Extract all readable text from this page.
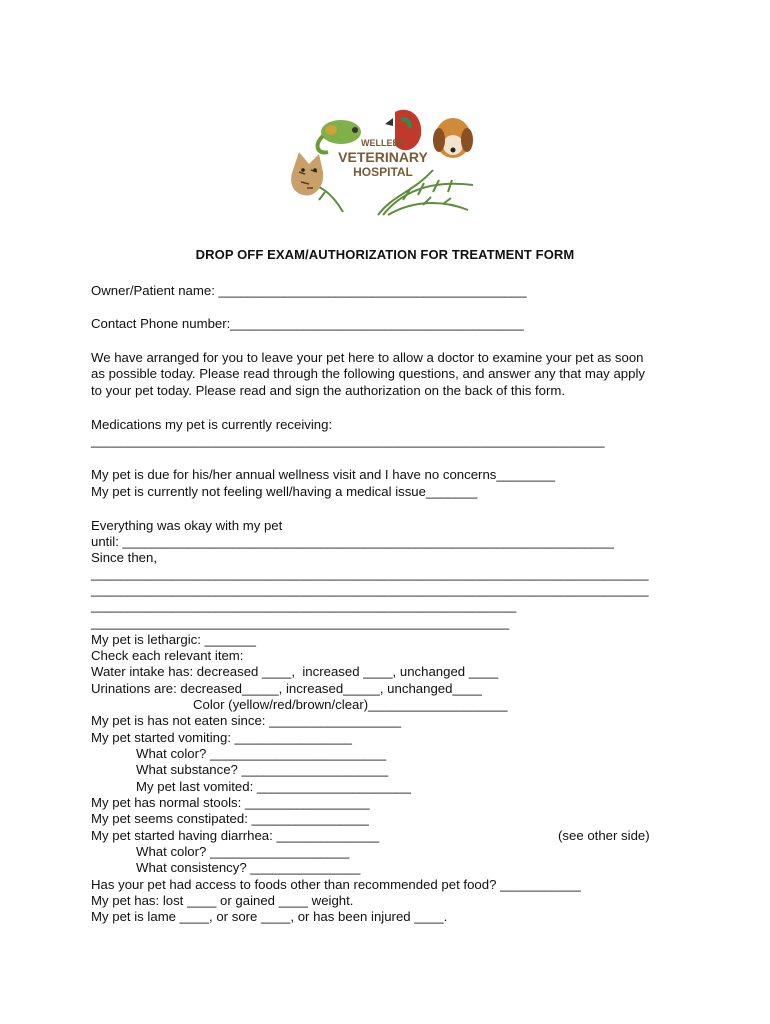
WELLEBY
VETERINARY
HOSPITAL
DROP OFF EXAM/AUTHORIZATION FOR TREATMENT FORM
Owner/Patient name: __________________________________________
Contact Phone number:________________________________________
We have arranged for you to leave your pet here to allow a doctor to examine your pet as soon
as possible today. Please read through the following questions, and answer any that may apply
to your pet today. Please read and sign the authorization on the back of this form.
Medications my pet is currently receiving:
______________________________________________________________________
My pet is due for his/her annual wellness visit and I have no concerns________
My pet is currently not feeling well/having a medical issue_______
Everything was okay with my pet
until: ___________________________________________________________________
Since then,
____________________________________________________________________________
____________________________________________________________________________
__________________________________________________________
_________________________________________________________
My pet is lethargic: _______
Check each relevant item:
Water intake has: decreased ____,  increased ____, unchanged ____
Urinations are: decreased_____, increased_____, unchanged____
Color (yellow/red/brown/clear)___________________
My pet is has not eaten since: __________________
My pet started vomiting: ________________
What color? ________________________
What substance? ____________________
My pet last vomited: _____________________
My pet has normal stools: _________________
My pet seems constipated: ________________
My pet started having diarrhea: ______________	(see other side)
What color? ___________________
What consistency? _______________
Has your pet had access to foods other than recommended pet food? ___________
My pet has: lost ____ or gained ____ weight.
My pet is lame ____, or sore ____, or has been injured ____.
